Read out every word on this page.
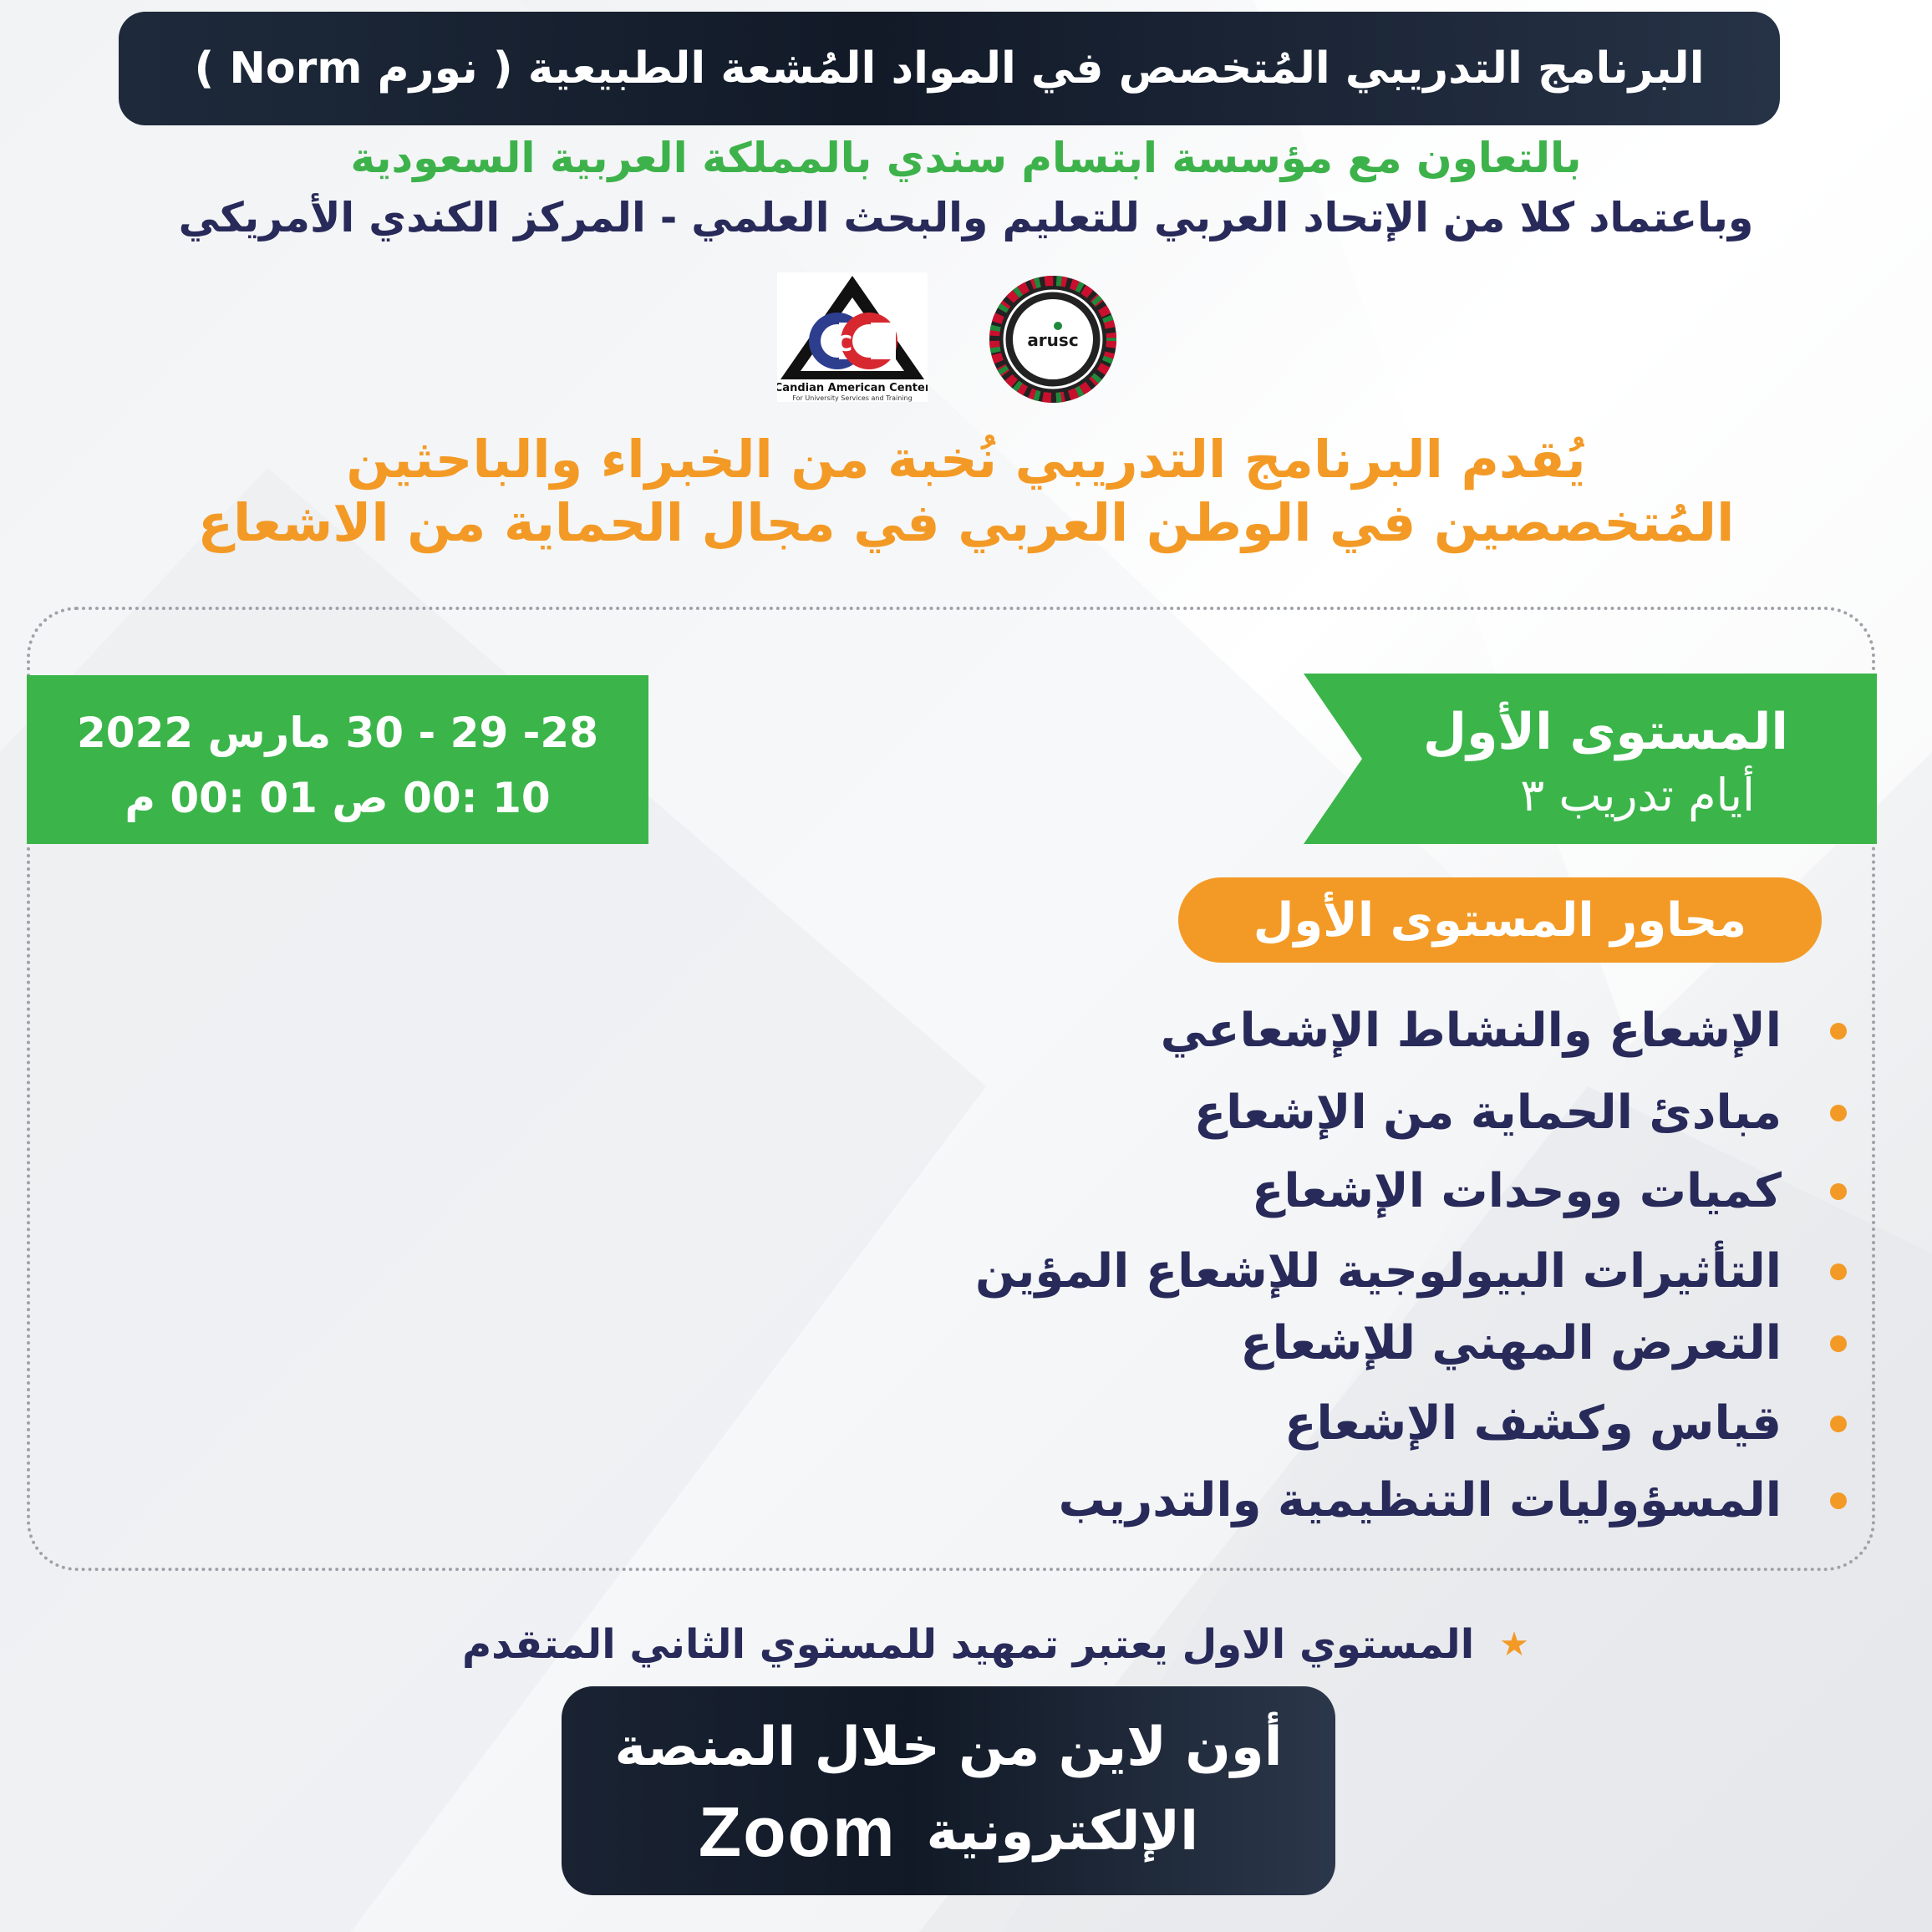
البرنامج التدريبي المُتخصص في المواد المُشعة الطبيعية ( نورم Norm )
بالتعاون مع مؤسسة ابتسام سندي بالمملكة العربية السعودية
وباعتماد كلا من الإتحاد العربي للتعليم والبحث العلمي - المركز الكندي الأمريكي
CC
Candian American Center
For University Services and Training
arusc
يُقدم البرنامج التدريبي نُخبة من الخبراء والباحثين
المُتخصصين في الوطن العربي في مجال الحماية من الاشعاع
المستوى الأول
أيام تدريب ٣
28- 29 - 30 مارس 2022
10 :00 ص 01 :00 م
محاور المستوى الأول
الإشعاع والنشاط الإشعاعي
مبادئ الحماية من الإشعاع
كميات ووحدات الإشعاع
التأثيرات البيولوجية للإشعاع المؤين
التعرض المهني للإشعاع
قياس وكشف الإشعاع
المسؤوليات التنظيمية والتدريب
★
المستوي الاول يعتبر تمهيد للمستوي الثاني المتقدم
أون لاين من خلال المنصة
الإلكترونية
Zoom
